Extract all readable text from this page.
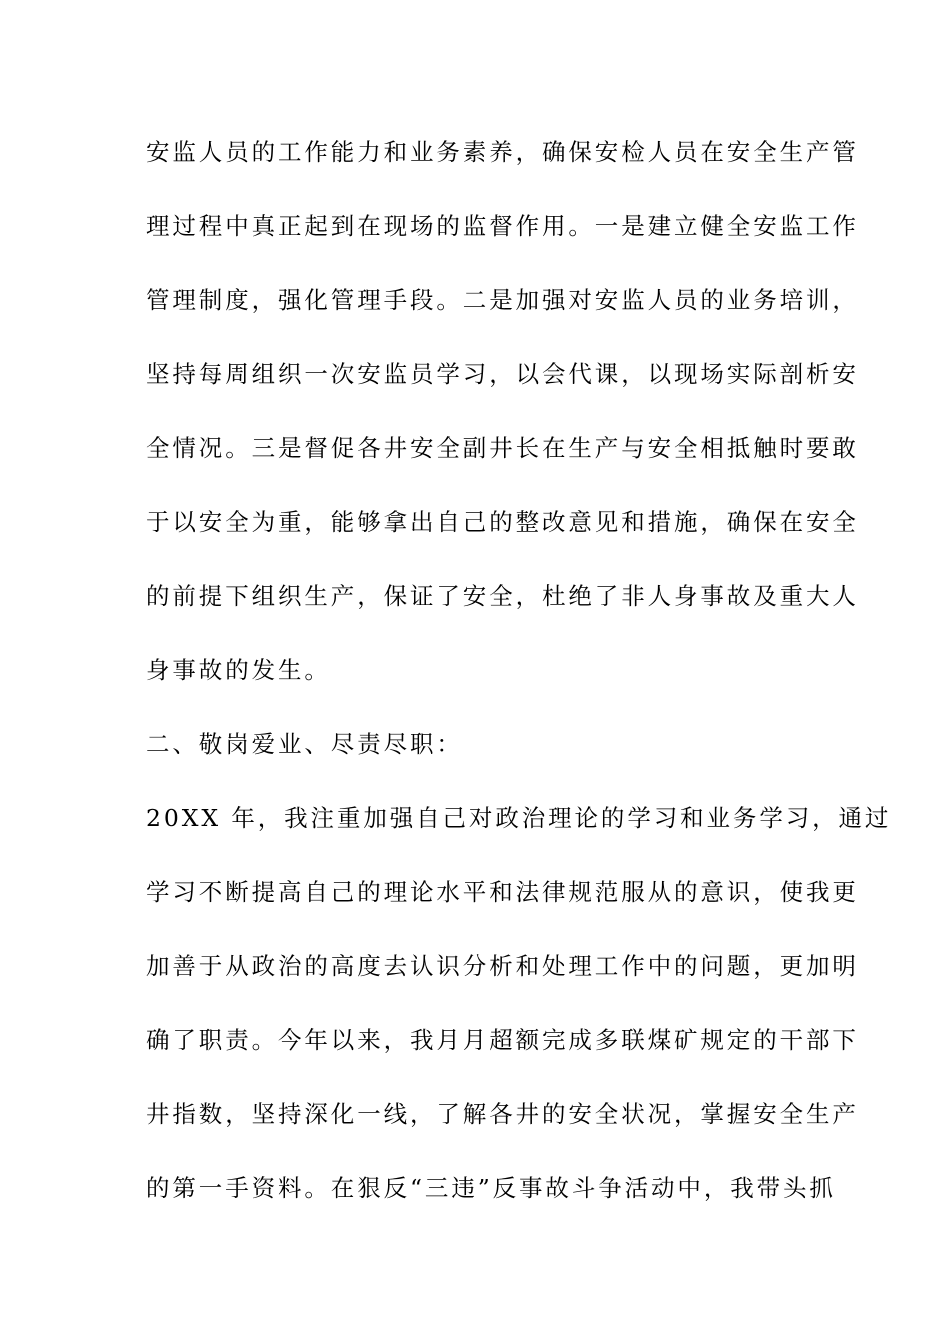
安监人员的工作能力和业务素养，确保安检人员在安全生产管
理过程中真正起到在现场的监督作用。一是建立健全安监工作
管理制度，强化管理手段。二是加强对安监人员的业务培训，
坚持每周组织一次安监员学习，以会代课，以现场实际剖析安
全情况。三是督促各井安全副井长在生产与安全相抵触时要敢
于以安全为重，能够拿出自己的整改意见和措施，确保在安全
的前提下组织生产，保证了安全，杜绝了非人身事故及重大人
身事故的发生。
二、敬岗爱业、尽责尽职：
20XX 年，我注重加强自己对政治理论的学习和业务学习，通过
学习不断提高自己的理论水平和法律规范服从的意识，使我更
加善于从政治的高度去认识分析和处理工作中的问题，更加明
确了职责。今年以来，我月月超额完成多联煤矿规定的干部下
井指数，坚持深化一线，了解各井的安全状况，掌握安全生产
的第一手资料。在狠反“三违”反事故斗争活动中，我带头抓
